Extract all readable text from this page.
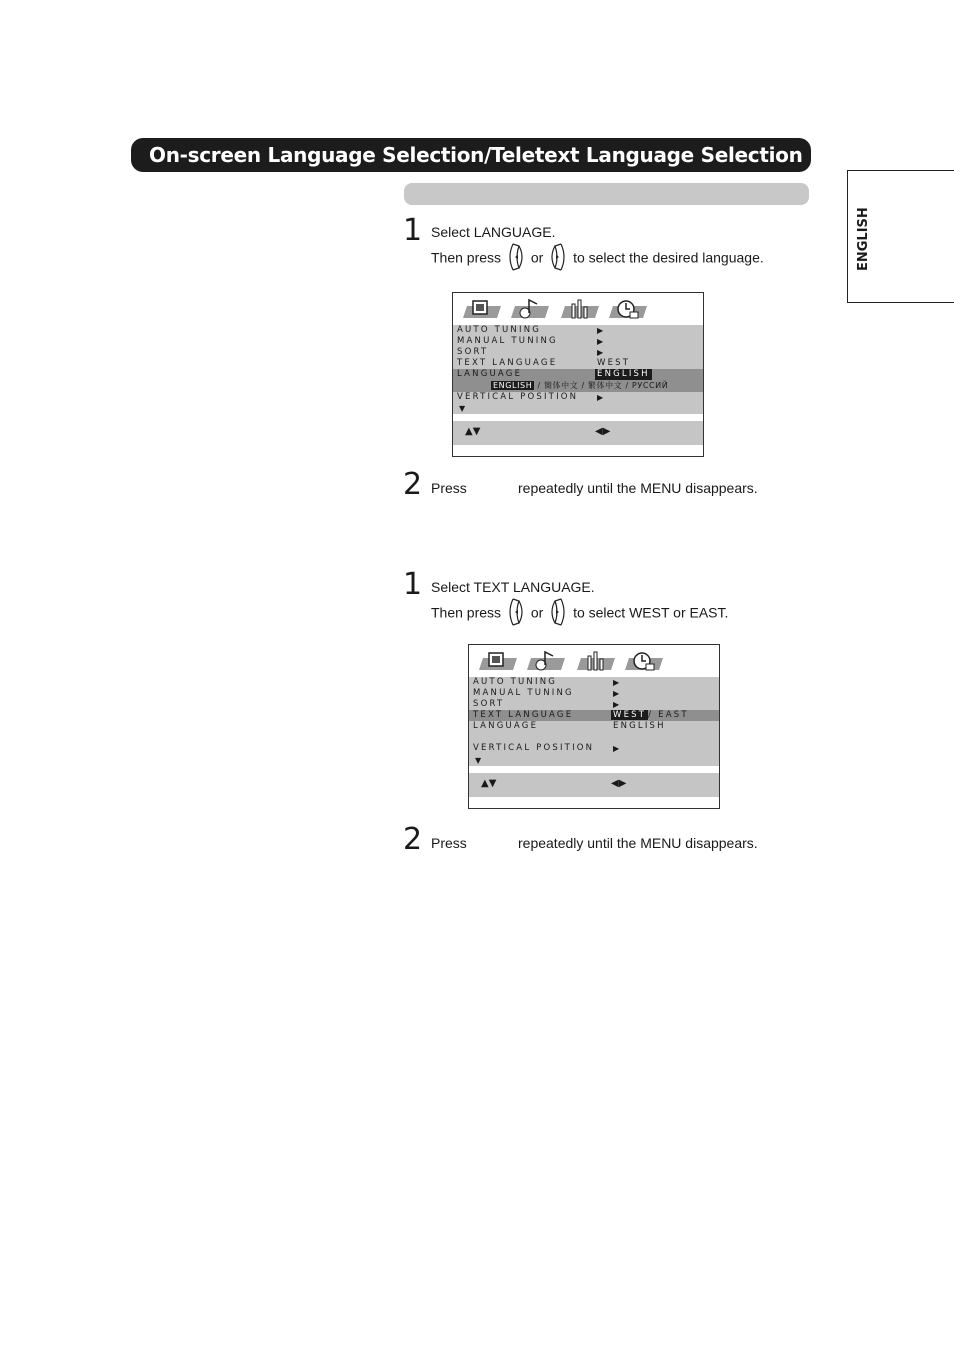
On-screen Language Selection/Teletext Language Selection
ENGLISH
1 Select LANGUAGE.
Then press or to select the desired language.
AUTO TUNING	▶
MANUAL TUNING	▶
SORT	▶
TEXT LANGUAGE	WEST
LANGUAGE	ENGLISH
ENGLISH / 簡体中文 / 繁体中文 / РУССИЙ
VERTICAL POSITION ▶
▼
▲▼	◀▶
2 Press	repeatedly until the MENU disappears.
1 Select TEXT LANGUAGE.
Then press or to select WEST or EAST.
AUTO TUNING	▶
MANUAL TUNING	▶
SORT	▶
TEXT LANGUAGE	WEST / EAST
LANGUAGE	ENGLISH
VERTICAL POSITION ▶
▼
▲▼	◀▶
2 Press	repeatedly until the MENU disappears.
